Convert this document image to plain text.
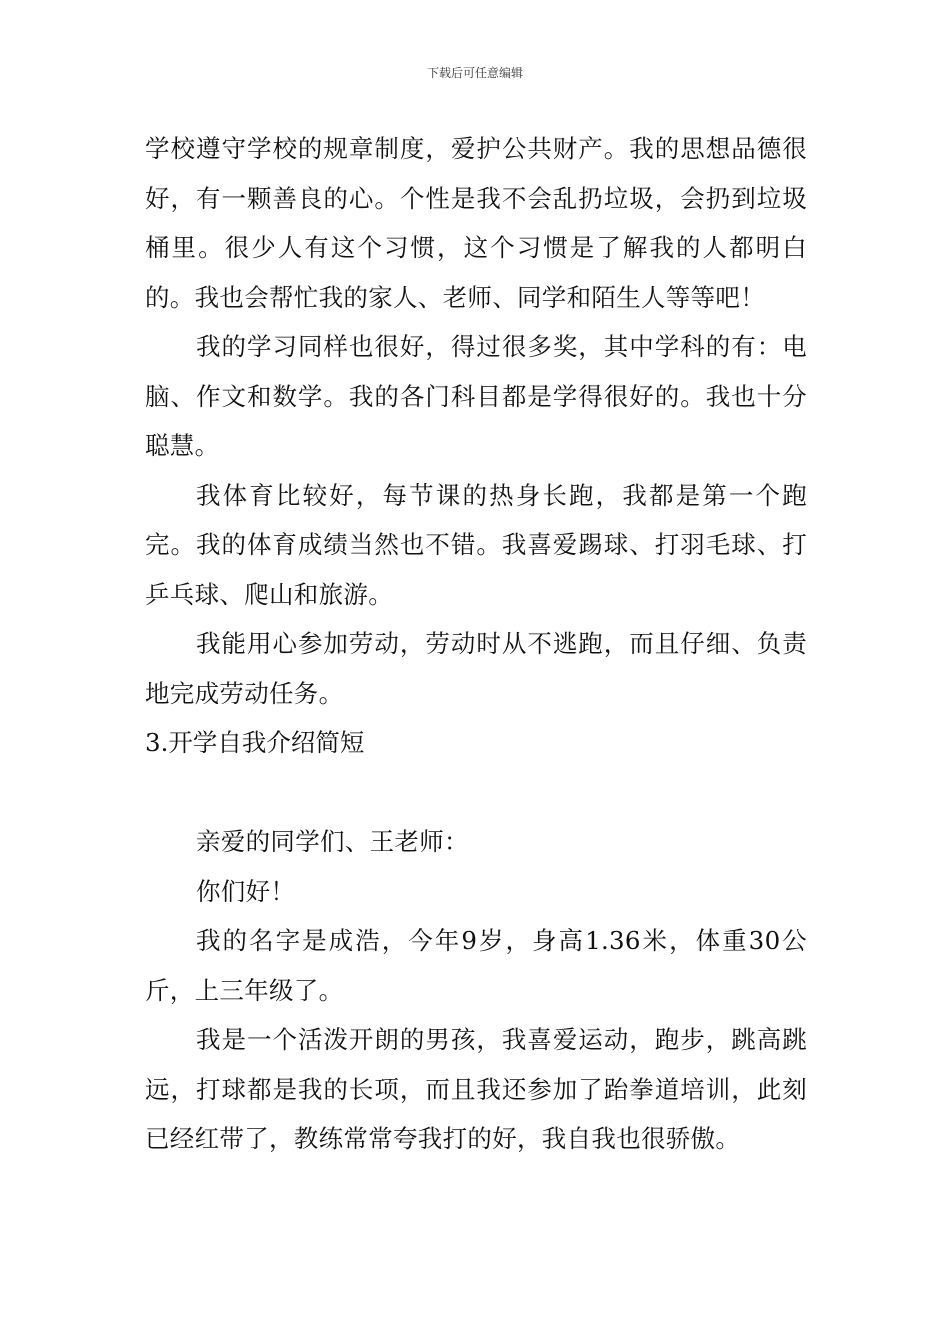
下载后可任意编辑

学校遵守学校的规章制度，爱护公共财产。我的思想品德很好，有一颗善良的心。个性是我不会乱扔垃圾，会扔到垃圾桶里。很少人有这个习惯，这个习惯是了解我的人都明白的。我也会帮忙我的家人、老师、同学和陌生人等等吧！

我的学习同样也很好，得过很多奖，其中学科的有：电脑、作文和数学。我的各门科目都是学得很好的。我也十分聪慧。

我体育比较好，每节课的热身长跑，我都是第一个跑完。我的体育成绩当然也不错。我喜爱踢球、打羽毛球、打乒乓球、爬山和旅游。

我能用心参加劳动，劳动时从不逃跑，而且仔细、负责地完成劳动任务。

3.开学自我介绍简短

亲爱的同学们、王老师：

你们好！

我的名字是成浩，今年9岁，身高1.36米，体重30公斤，上三年级了。

我是一个活泼开朗的男孩，我喜爱运动，跑步，跳高跳远，打球都是我的长项，而且我还参加了跆拳道培训，此刻已经红带了，教练常常夸我打的好，我自我也很骄傲。
